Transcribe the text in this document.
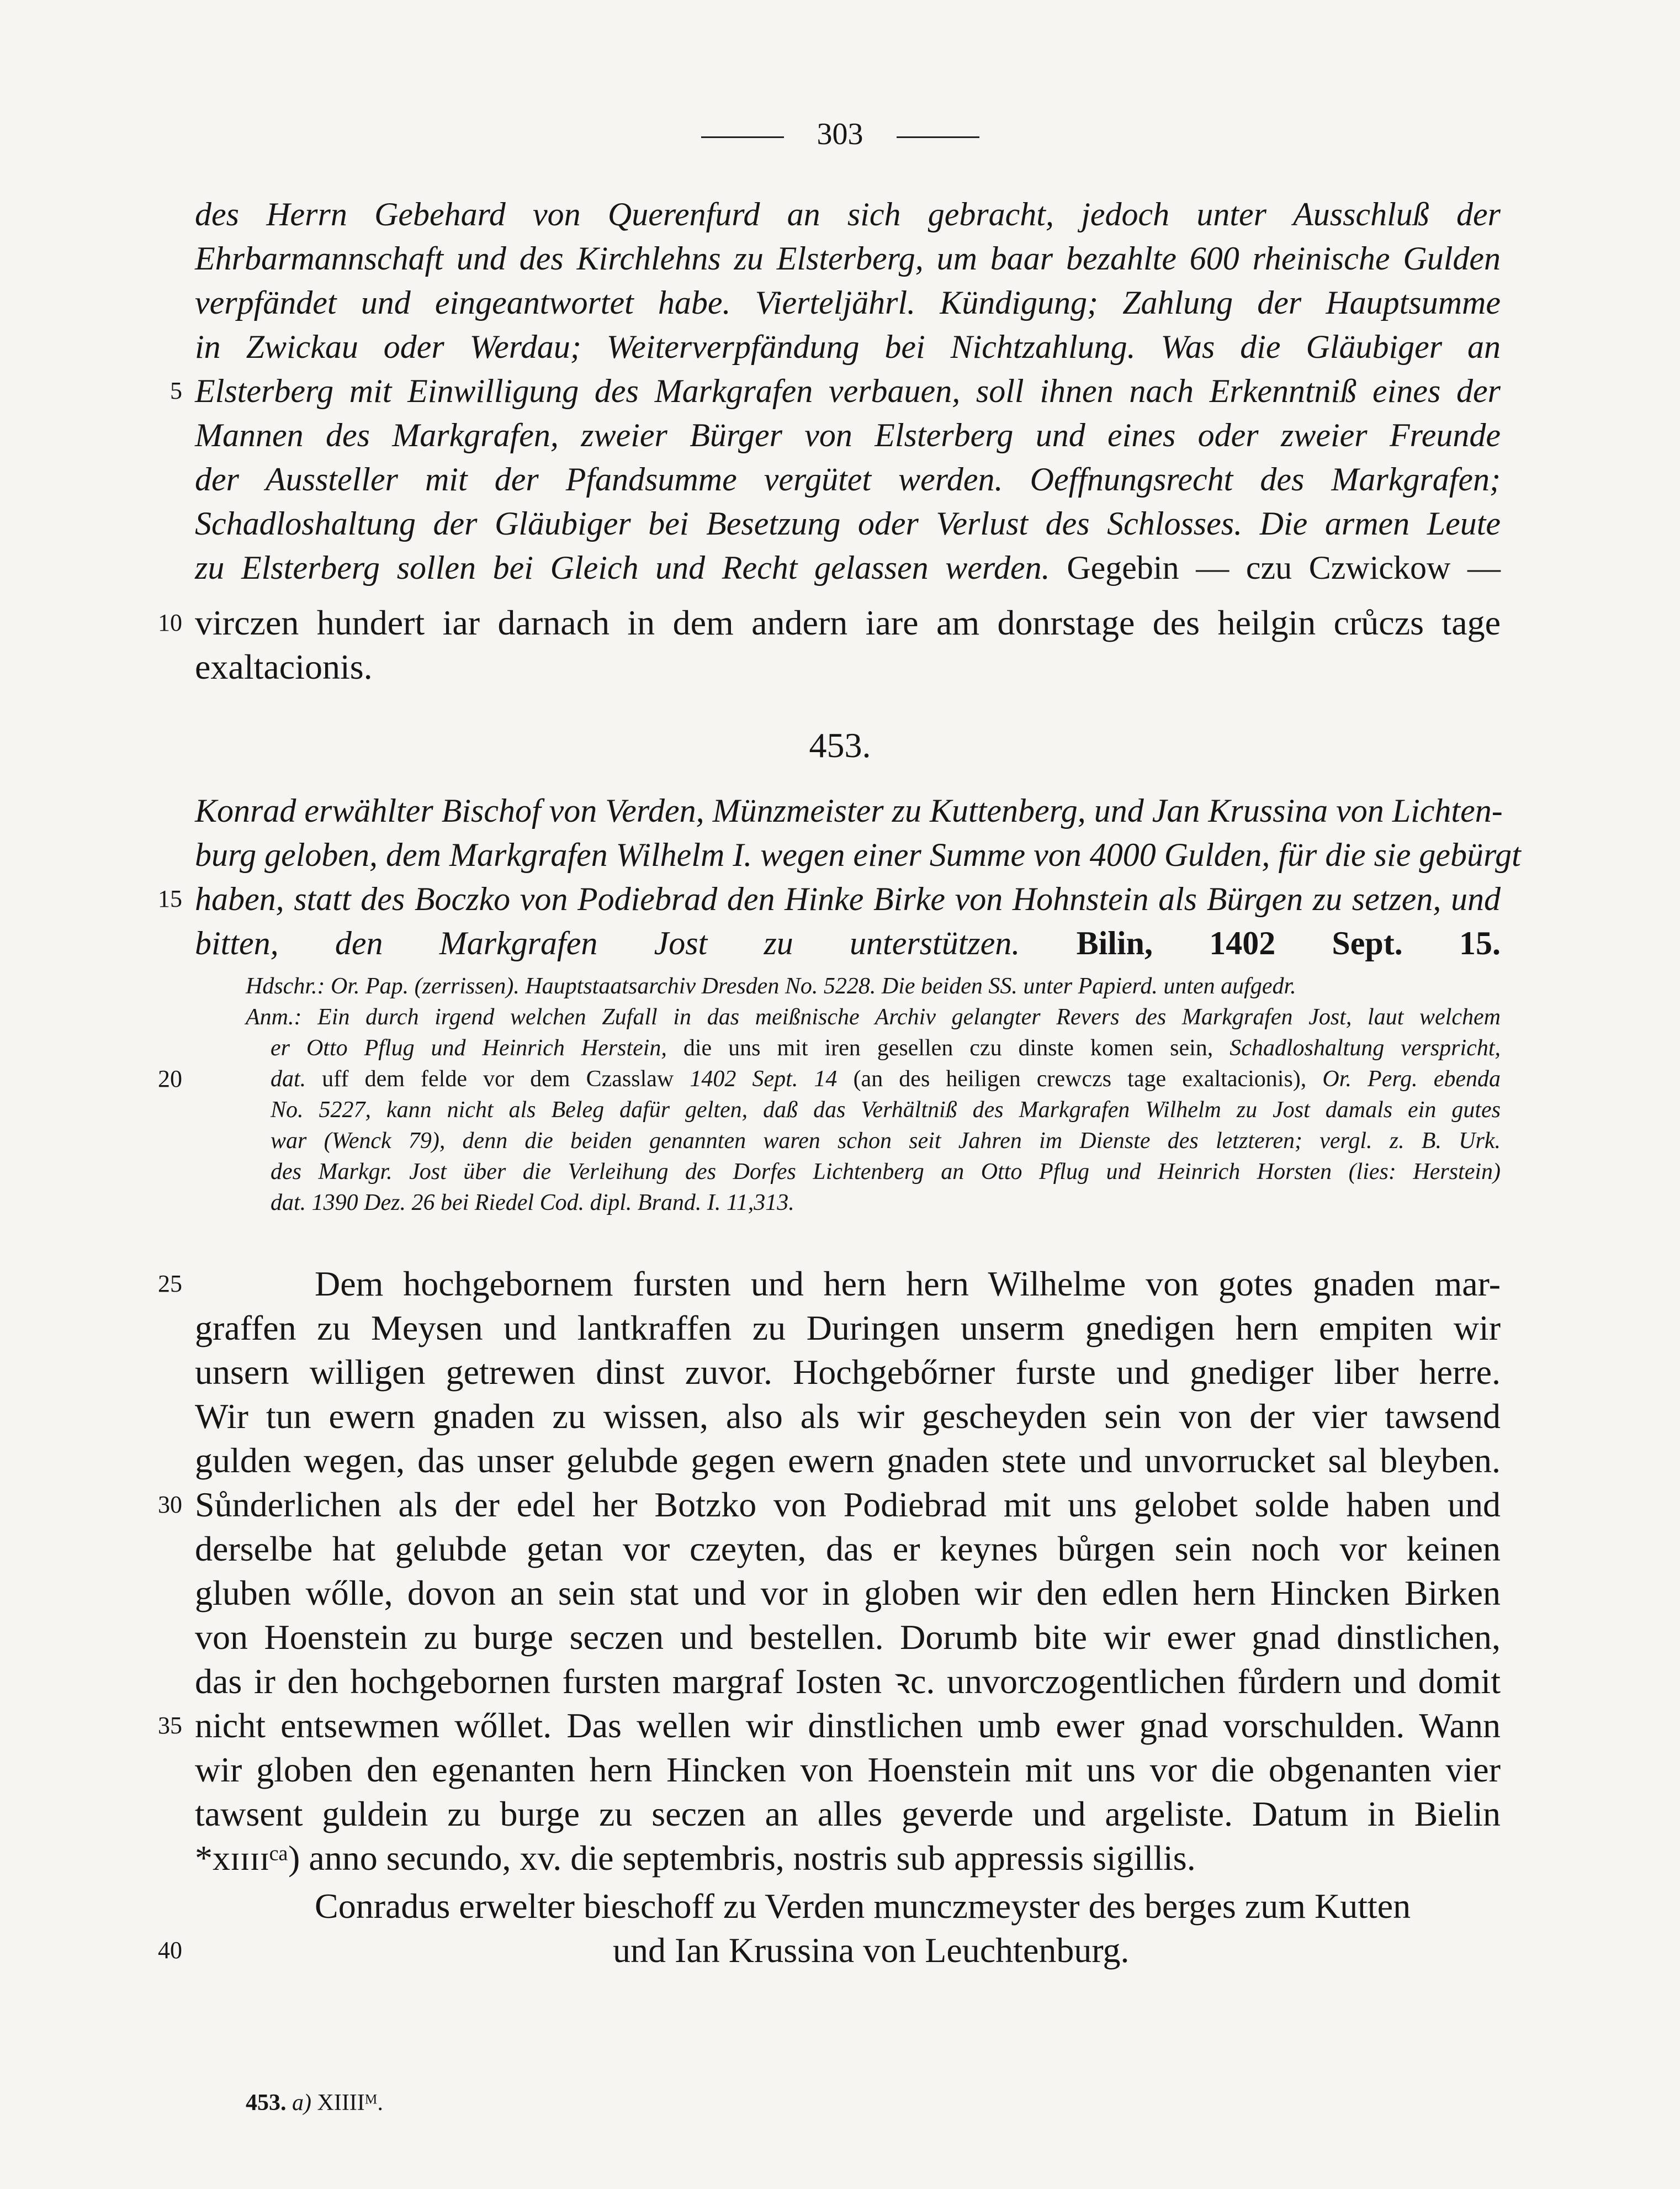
303
des Herrn Gebehard von Querenfurd an sich gebracht, jedoch unter Ausschluß der
Ehrbarmannschaft und des Kirchlehns zu Elsterberg, um baar bezahlte 600 rheinische Gulden
verpfändet und eingeantwortet habe. Vierteljährl. Kündigung; Zahlung der Hauptsumme
in Zwickau oder Werdau; Weiterverpfändung bei Nichtzahlung. Was die Gläubiger an
5 Elsterberg mit Einwilligung des Markgrafen verbauen, soll ihnen nach Erkenntniß eines der
Mannen des Markgrafen, zweier Bürger von Elsterberg und eines oder zweier Freunde
der Aussteller mit der Pfandsumme vergütet werden. Oeffnungsrecht des Markgrafen;
Schadloshaltung der Gläubiger bei Besetzung oder Verlust des Schlosses. Die armen Leute
zu Elsterberg sollen bei Gleich und Recht gelassen werden. Gegebin — czu Czwickow —
10 virczen hundert iar darnach in dem andern iare am donrstage des heilgin crůczs tage
exaltacionis.
453.
Konrad erwählter Bischof von Verden, Münzmeister zu Kuttenberg, und Jan Krussina von Lichten-
burg geloben, dem Markgrafen Wilhelm I. wegen einer Summe von 4000 Gulden, für die sie gebürgt
15 haben, statt des Boczko von Podiebrad den Hinke Birke von Hohnstein als Bürgen zu setzen, und
bitten, den Markgrafen Jost zu unterstützen. Bilin, 1402 Sept. 15.
Hdschr.: Or. Pap. (zerrissen). Hauptstaatsarchiv Dresden No. 5228. Die beiden SS. unter Papierd. unten aufgedr.
Anm.: Ein durch irgend welchen Zufall in das meißnische Archiv gelangter Revers des Markgrafen Jost, laut welchem
er Otto Pflug und Heinrich Herstein, die uns mit iren gesellen czu dinste komen sein, Schadloshaltung verspricht,
20	dat. uff dem felde vor dem Czasslaw 1402 Sept. 14 (an des heiligen crewczs tage exaltacionis), Or. Perg. ebenda
No. 5227, kann nicht als Beleg dafür gelten, daß das Verhältniß des Markgrafen Wilhelm zu Jost damals ein gutes
war (Wenck 79), denn die beiden genannten waren schon seit Jahren im Dienste des letzteren; vergl. z. B. Urk.
des Markgr. Jost über die Verleihung des Dorfes Lichtenberg an Otto Pflug und Heinrich Horsten (lies: Herstein)
dat. 1390 Dez. 26 bei Riedel Cod. dipl. Brand. I. 11,313.
25	Dem hochgebornem fursten und hern hern Wilhelme von gotes gnaden mar-
graffen zu Meysen und lantkraffen zu Duringen unserm gnedigen hern empiten wir
unsern willigen getrewen dinst zuvor. Hochgebőrner furste und gnediger liber herre.
Wir tun ewern gnaden zu wissen, also als wir gescheyden sein von der vier tawsend
gulden wegen, das unser gelubde gegen ewern gnaden stete und unvorrucket sal bleyben.
30 Sůnderlichen als der edel her Botzko von Podiebrad mit uns gelobet solde haben und
derselbe hat gelubde getan vor czeyten, das er keynes bůrgen sein noch vor keinen
gluben wőlle, dovon an sein stat und vor in globen wir den edlen hern Hincken Birken
von Hoenstein zu burge seczen und bestellen. Dorumb bite wir ewer gnad dinstlichen,
das ir den hochgebornen fursten margraf Iosten ꝛc. unvorczogentlichen fůrdern und domit
35 nicht entsewmen wőllet. Das wellen wir dinstlichen umb ewer gnad vorschulden. Wann
wir globen den egenanten hern Hincken von Hoenstein mit uns vor die obgenanten vier
tawsent guldein zu burge zu seczen an alles geverde und argeliste. Datum in Bielin
*xɪɪɪɪᶜᵃ) anno secundo, xv. die septembris, nostris sub appressis sigillis.
Conradus erwelter bieschoff zu Verden munczmeyster des berges zum Kutten
40	und Ian Krussina von Leuchtenburg.
453. a) XIIIIᴹ.
